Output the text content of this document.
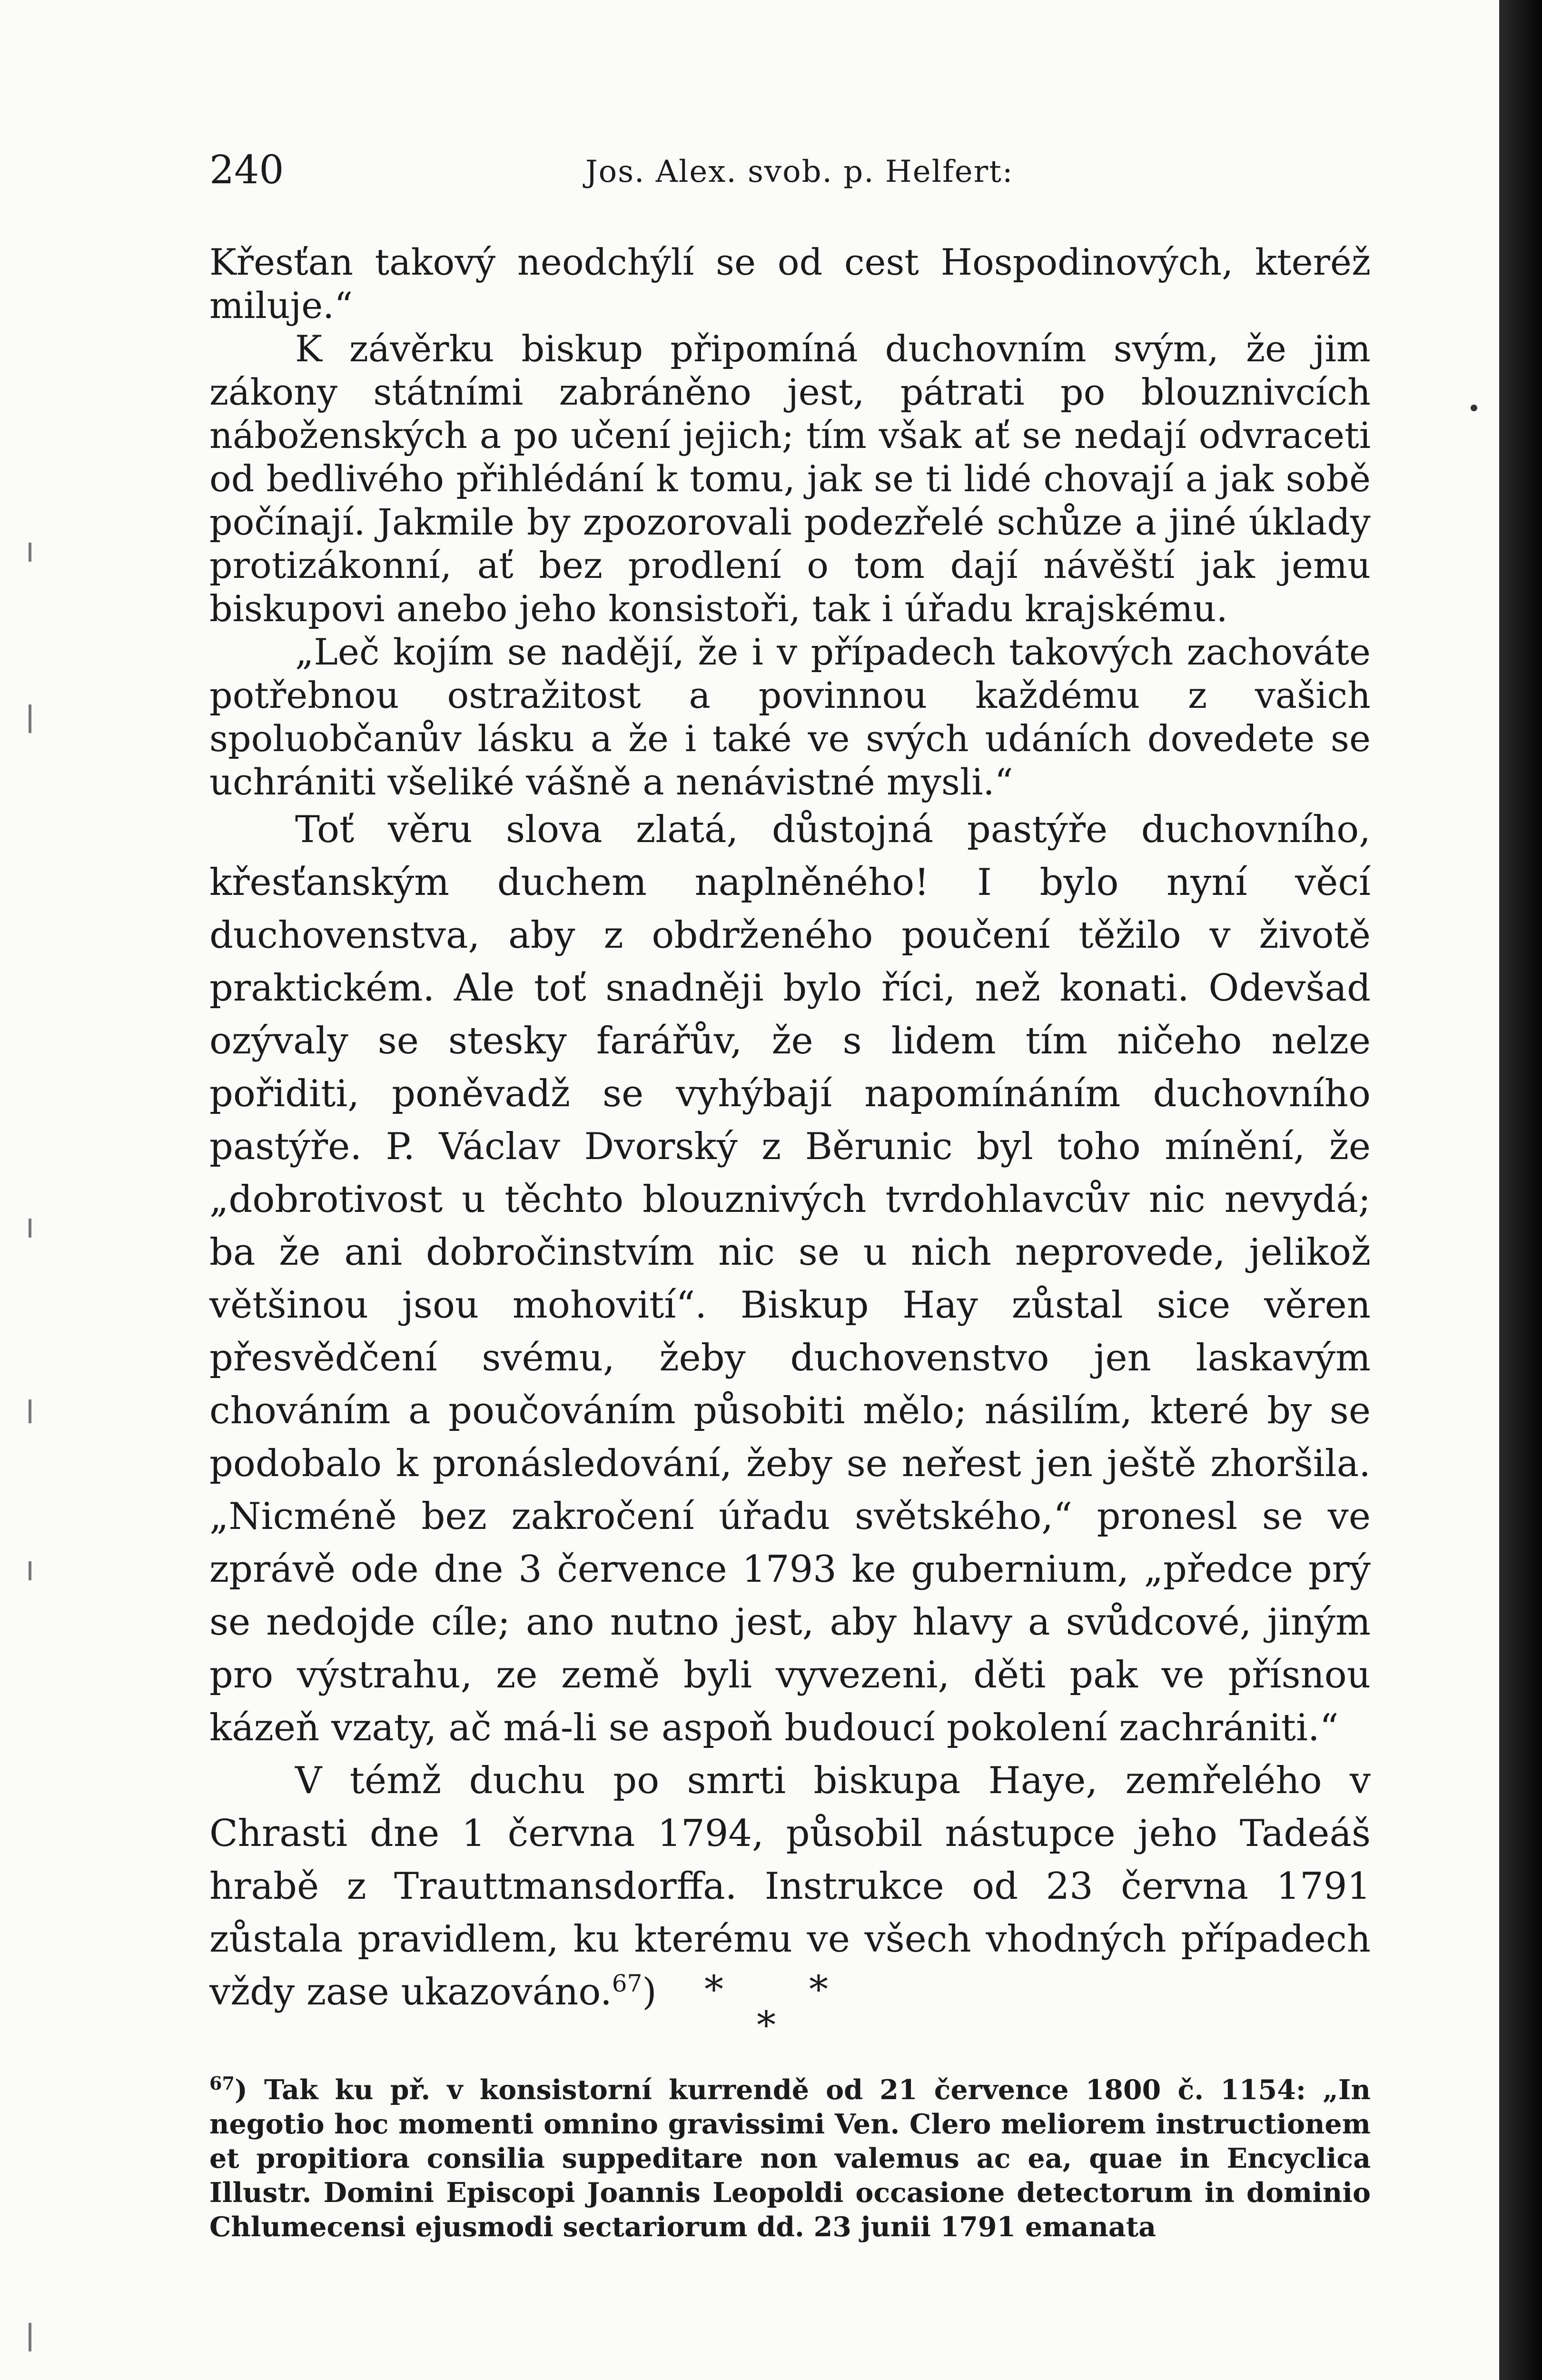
240	Jos. Alex. svob. p. Helfert:

Křesťan takový neodchýlí se od cest Hospodinových, kteréž miluje.“

K závěrku biskup připomíná duchovním svým, že jim zákony státními zabráněno jest, pátrati po blouznivcích náboženských a po učení jejich; tím však ať se nedají odvraceti od bedlivého přihlédání k tomu, jak se ti lidé chovají a jak sobě počínají. Jakmile by zpozorovali podezřelé schůze a jiné úklady protizákonní, ať bez prodlení o tom dají návěští jak jemu biskupovi anebo jeho konsistoři, tak i úřadu krajskému.

„Leč kojím se nadějí, že i v případech takových zachováte potřebnou ostražitost a povinnou každému z vašich spoluobčanův lásku a že i také ve svých udáních dovedete se uchrániti všeliké vášně a nenávistné mysli.“

Toť věru slova zlatá, důstojná pastýře duchovního, křesťanským duchem naplněného! I bylo nyní věcí duchovenstva, aby z obdrženého poučení těžilo v životě praktickém. Ale toť snadněji bylo říci, než konati. Odevšad ozývaly se stesky farářův, že s lidem tím ničeho nelze pořiditi, poněvadž se vyhýbají napomínáním duchovního pastýře. P. Václav Dvorský z Běrunic byl toho mínění, že „dobrotivost u těchto blouznivých tvrdohlavcův nic nevydá; ba že ani dobročinstvím nic se u nich neprovede, jelikož většinou jsou mohovití“. Biskup Hay zůstal sice věren přesvědčení svému, žeby duchovenstvo jen laskavým chováním a poučováním působiti mělo; násilím, které by se podobalo k pronásledování, žeby se neřest jen ještě zhoršila. „Nicméně bez zakročení úřadu světského,“ pronesl se ve zprávě ode dne 3 července 1793 ke gubernium, „předce prý se nedojde cíle; ano nutno jest, aby hlavy a svůdcové, jiným pro výstrahu, ze země byli vyvezeni, děti pak ve přísnou kázeň vzaty, ač má-li se aspoň budoucí pokolení zachrániti.“

V témž duchu po smrti biskupa Haye, zemřelého v Chrasti dne 1 června 1794, působil nástupce jeho Tadeáš hrabě z Trauttmansdorffa. Instrukce od 23 června 1791 zůstala pravidlem, ku kterému ve všech vhodných případech vždy zase ukazováno.$^{67}$)	* *
*

$^{67}$) Tak ku př. v konsistorní kurrendě od 21 července 1800 č. 1154: „In negotio hoc momenti omnino gravissimi Ven. Clero meliorem instructionem et propitiora consilia suppeditare non valemus ac ea, quae in Encyclica Illustr. Domini Episcopi Joannis Leopoldi occasione detectorum in dominio Chlumecensi ejusmodi sectariorum dd. 23 junii 1791 emanata
